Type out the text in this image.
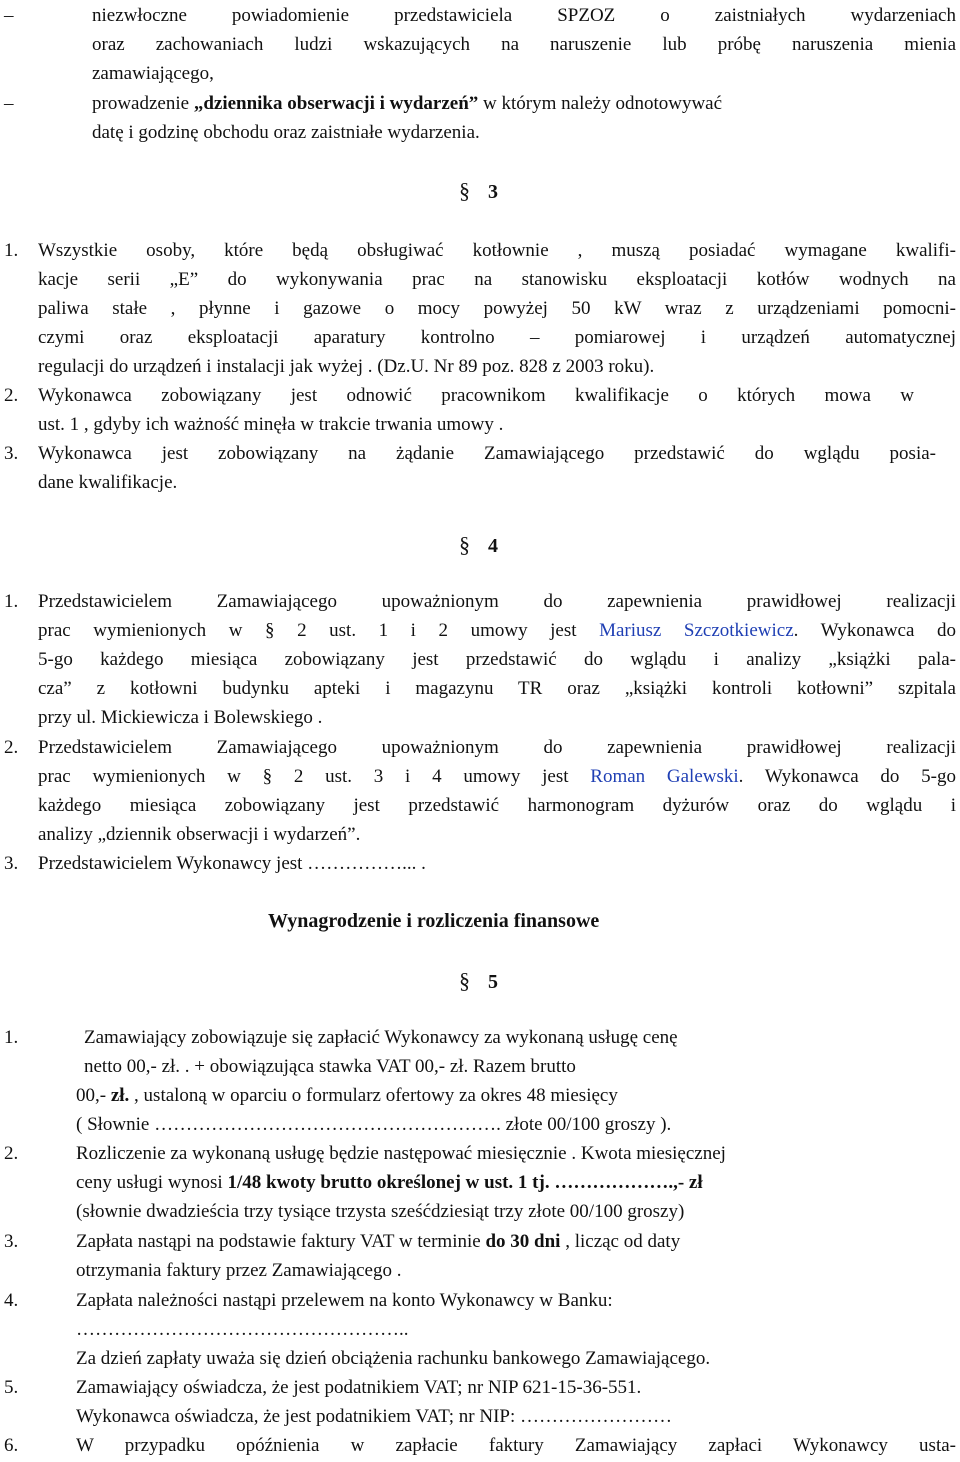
–	niezwłoczne powiadomienie przedstawiciela SPZOZ o zaistniałych wydarzeniach
oraz zachowaniach ludzi wskazujących na naruszenie lub próbę naruszenia mienia
zamawiającego,
–	prowadzenie „dziennika obserwacji i wydarzeń” w którym należy odnotowywać
datę i godzinę obchodu oraz zaistniałe wydarzenia.
§ 3
1. Wszystkie osoby, które będą obsługiwać kotłownie , muszą posiadać wymagane kwalifi-
kacje serii „E” do wykonywania prac na stanowisku eksploatacji kotłów wodnych na
paliwa stałe , płynne i gazowe o mocy powyżej 50 kW wraz z urządzeniami pomocni-
czymi oraz eksploatacji aparatury kontrolno – pomiarowej i urządzeń automatycznej
regulacji do urządzeń i instalacji jak wyżej . (Dz.U. Nr 89 poz. 828 z 2003 roku).
2. Wykonawca zobowiązany jest odnowić pracownikom kwalifikacje o których mowa w
ust. 1 , gdyby ich ważność minęła w trakcie trwania umowy .
3. Wykonawca jest zobowiązany na żądanie Zamawiającego przedstawić do wglądu posia-
dane kwalifikacje.
§ 4
1. Przedstawicielem Zamawiającego upoważnionym do zapewnienia prawidłowej realizacji
prac wymienionych w § 2 ust. 1 i 2 umowy jest Mariusz Szczotkiewicz. Wykonawca do
5-go każdego miesiąca zobowiązany jest przedstawić do wglądu i analizy „książki pala-
cza” z kotłowni budynku apteki i magazynu TR oraz „książki kontroli kotłowni” szpitala
przy ul. Mickiewicza i Bolewskiego .
2. Przedstawicielem Zamawiającego upoważnionym do zapewnienia prawidłowej realizacji
prac wymienionych w § 2 ust. 3 i 4 umowy jest Roman Galewski. Wykonawca do 5-go
każdego miesiąca zobowiązany jest przedstawić harmonogram dyżurów oraz do wglądu i
analizy „dziennik obserwacji i wydarzeń”.
3. Przedstawicielem Wykonawcy jest ……………... .
Wynagrodzenie i rozliczenia finansowe
§ 5
1.	Zamawiający zobowiązuje się zapłacić Wykonawcy za wykonaną usługę cenę
netto 00,- zł. . + obowiązująca stawka VAT 00,- zł. Razem brutto
00,- zł. , ustaloną w oparciu o formularz ofertowy za okres 48 miesięcy
( Słownie ………………………………………………. złote 00/100 groszy ).
2.	Rozliczenie za wykonaną usługę będzie następować miesięcznie . Kwota miesięcznej
ceny usługi wynosi 1/48 kwoty brutto określonej w ust. 1 tj. ……………….,- zł
(słownie dwadzieścia trzy tysiące trzysta sześćdziesiąt trzy złote 00/100 groszy)
3.	Zapłata nastąpi na podstawie faktury VAT w terminie do 30 dni , licząc od daty
otrzymania faktury przez Zamawiającego .
4.	Zapłata należności nastąpi przelewem na konto Wykonawcy w Banku:
……………………………………………..
Za dzień zapłaty uważa się dzień obciążenia rachunku bankowego Zamawiającego.
5.	Zamawiający oświadcza, że jest podatnikiem VAT; nr NIP 621-15-36-551.
Wykonawca oświadcza, że jest podatnikiem VAT; nr NIP: ……………………
6.	W przypadku opóźnienia w zapłacie faktury Zamawiający zapłaci Wykonawcy usta-
